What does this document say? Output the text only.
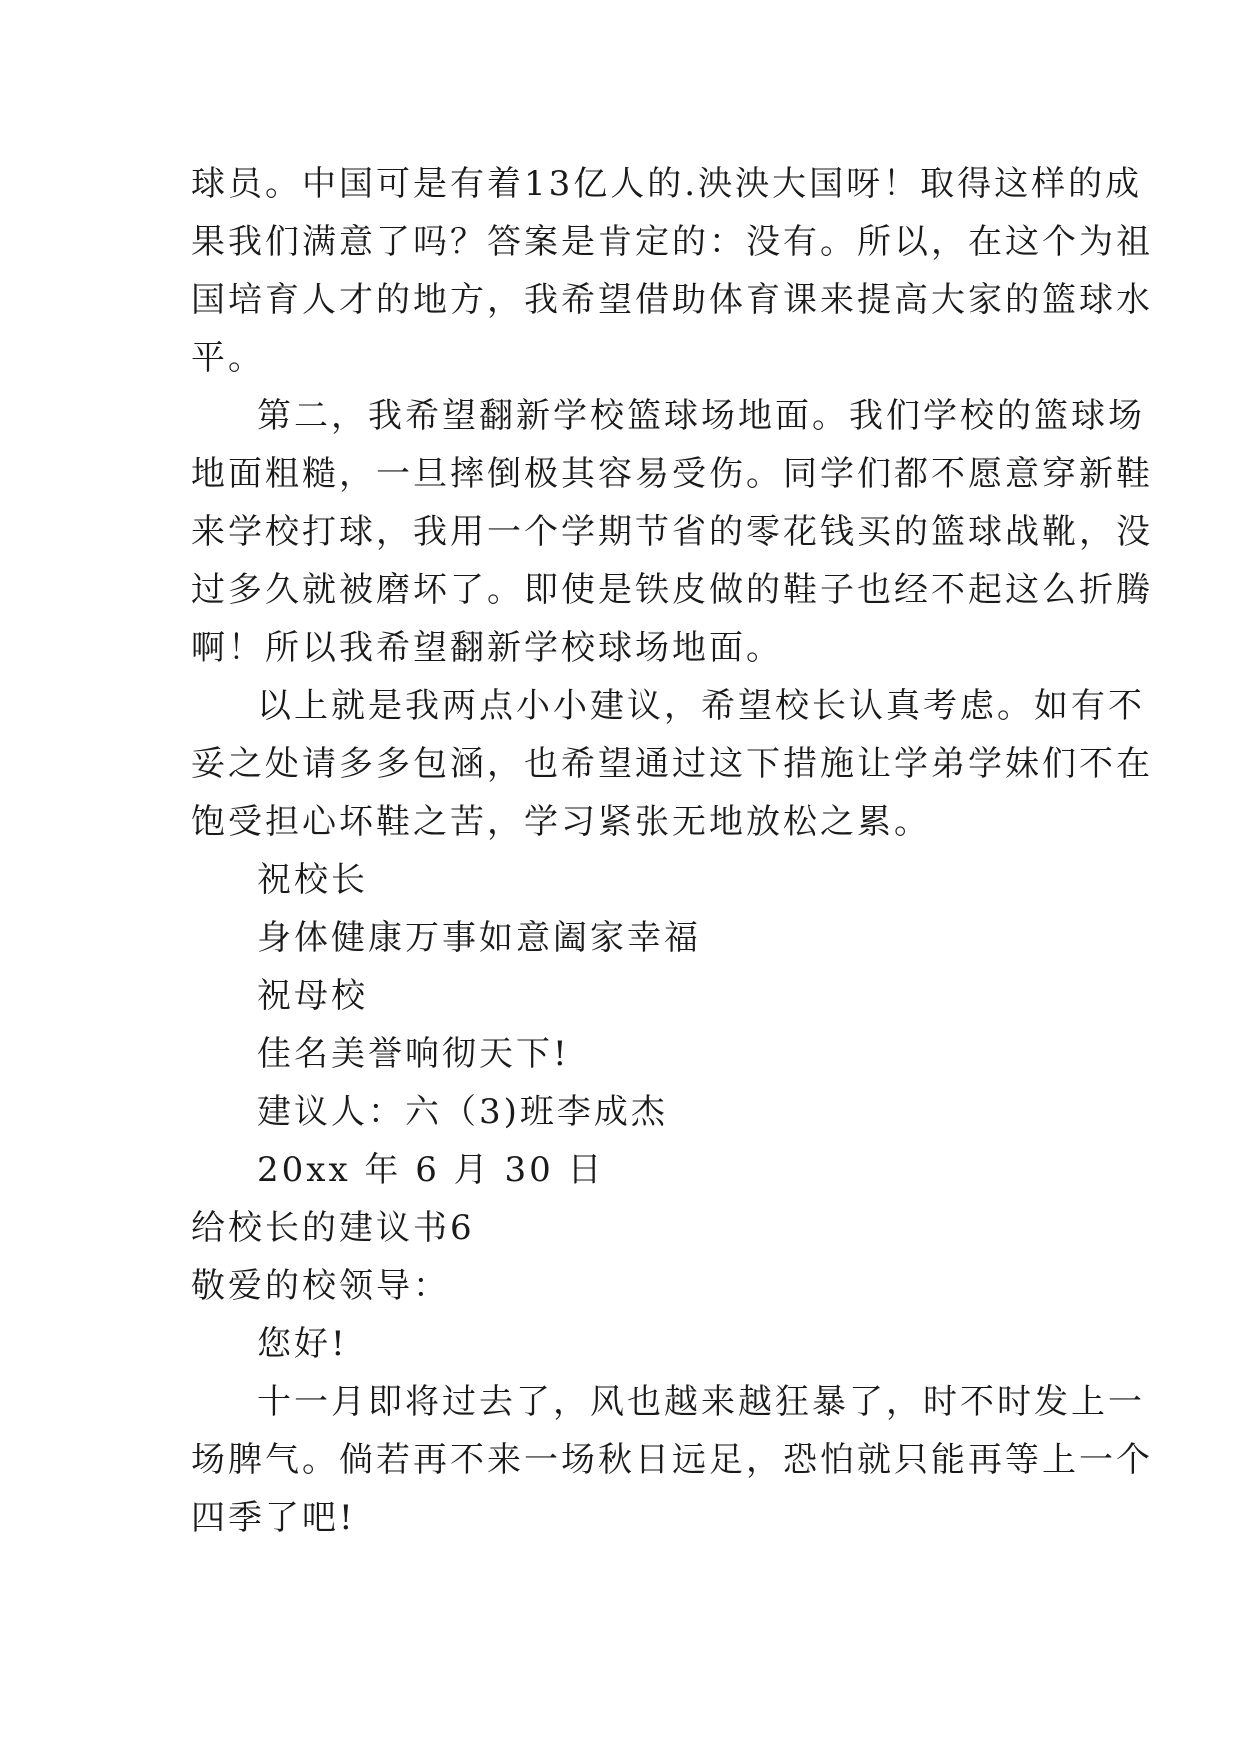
球员。中国可是有着13亿人的.泱泱大国呀！取得这样的成
果我们满意了吗？答案是肯定的：没有。所以，在这个为祖
国培育人才的地方，我希望借助体育课来提高大家的篮球水
平。
第二，我希望翻新学校篮球场地面。我们学校的篮球场
地面粗糙，一旦摔倒极其容易受伤。同学们都不愿意穿新鞋
来学校打球，我用一个学期节省的零花钱买的篮球战靴，没
过多久就被磨坏了。即使是铁皮做的鞋子也经不起这么折腾
啊！所以我希望翻新学校球场地面。
以上就是我两点小小建议，希望校长认真考虑。如有不
妥之处请多多包涵，也希望通过这下措施让学弟学妹们不在
饱受担心坏鞋之苦，学习紧张无地放松之累。
祝校长
身体健康万事如意阖家幸福
祝母校
佳名美誉响彻天下!
建议人：六（3)班李成杰
20xx 年 6 月 30 日
给校长的建议书6
敬爱的校领导：
您好!
十一月即将过去了，风也越来越狂暴了，时不时发上一
场脾气。倘若再不来一场秋日远足，恐怕就只能再等上一个
四季了吧!
